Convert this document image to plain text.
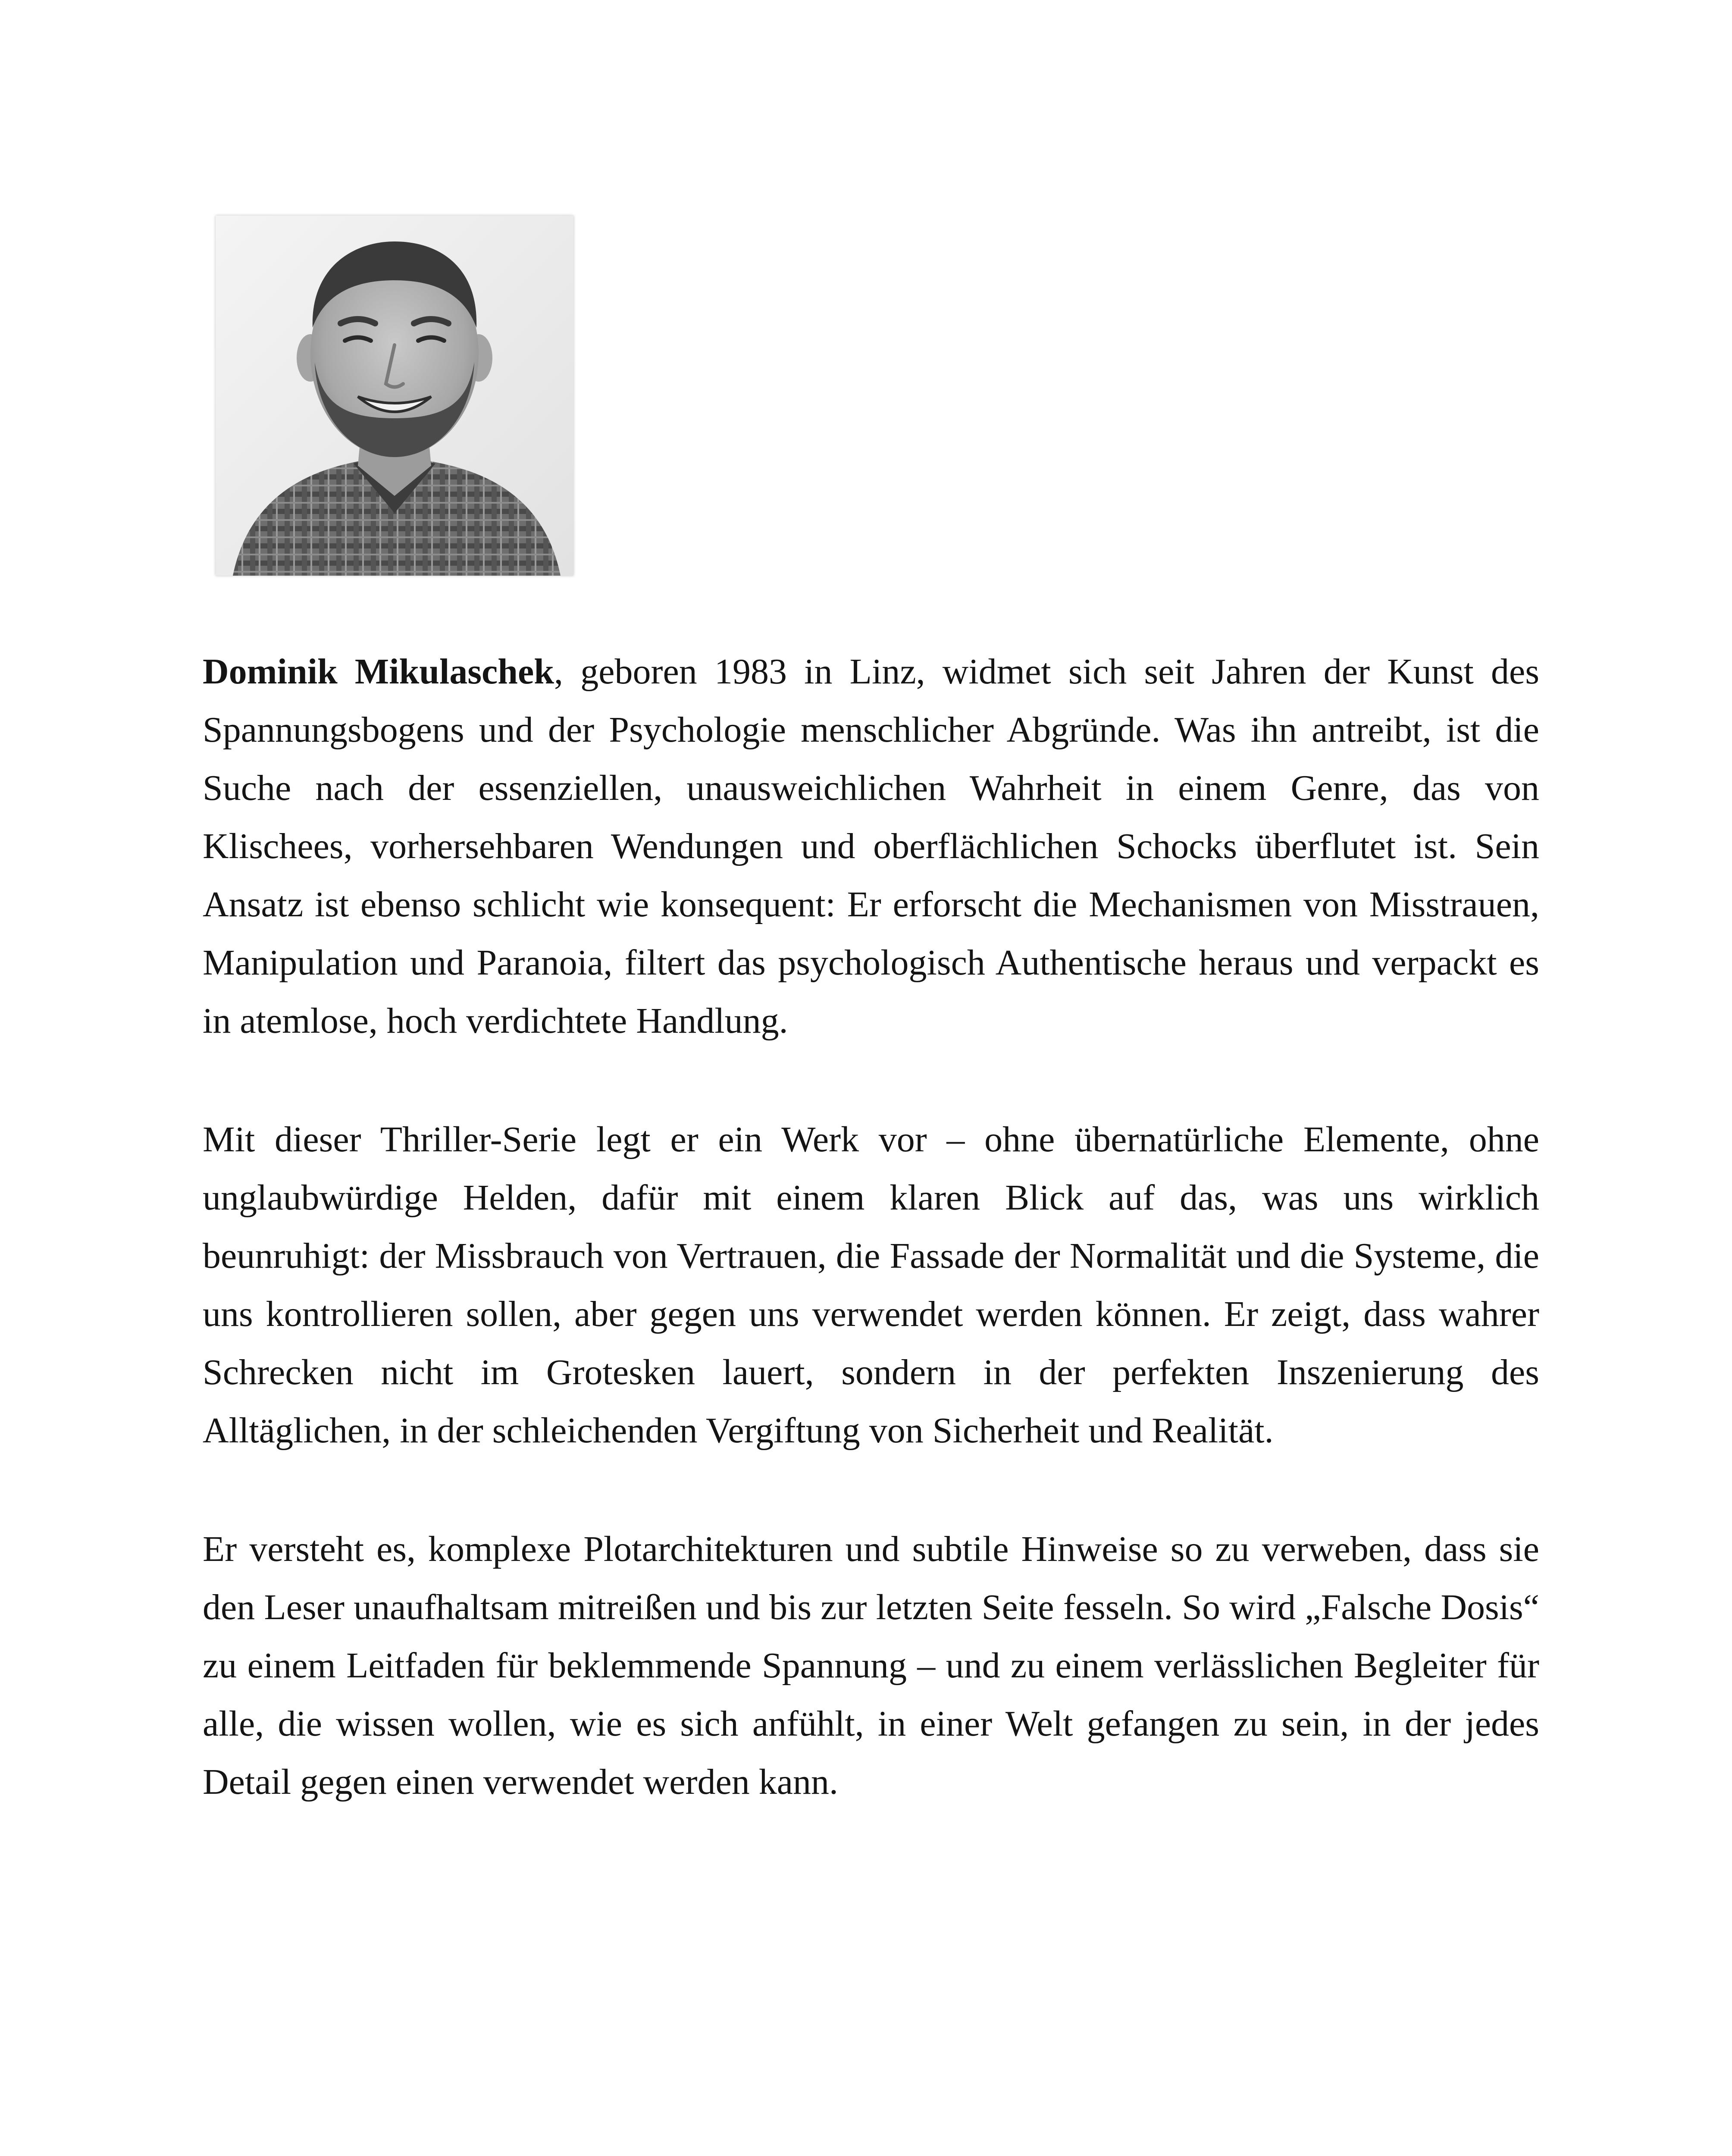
Dominik Mikulaschek, geboren 1983 in Linz, widmet sich seit Jahren der Kunst des Spannungsbogens und der Psychologie menschlicher Abgründe. Was ihn antreibt, ist die Suche nach der essenziellen, unausweichlichen Wahrheit in einem Genre, das von Klischees, vorhersehbaren Wendungen und oberflächlichen Schocks überflutet ist. Sein Ansatz ist ebenso schlicht wie konsequent: Er erforscht die Mechanismen von Misstrauen, Manipulation und Paranoia, filtert das psychologisch Authentische heraus und verpackt es in atemlose, hoch verdichtete Handlung.

Mit dieser Thriller-Serie legt er ein Werk vor – ohne übernatürliche Elemente, ohne unglaubwürdige Helden, dafür mit einem klaren Blick auf das, was uns wirklich beunruhigt: der Missbrauch von Vertrauen, die Fassade der Normalität und die Systeme, die uns kontrollieren sollen, aber gegen uns verwendet werden können. Er zeigt, dass wahrer Schrecken nicht im Grotesken lauert, sondern in der perfekten Inszenierung des Alltäglichen, in der schleichenden Vergiftung von Sicherheit und Realität.

Er versteht es, komplexe Plotarchitekturen und subtile Hinweise so zu verweben, dass sie den Leser unaufhaltsam mitreißen und bis zur letzten Seite fesseln. So wird „Falsche Dosis“ zu einem Leitfaden für beklemmende Spannung – und zu einem verlässlichen Begleiter für alle, die wissen wollen, wie es sich anfühlt, in einer Welt gefangen zu sein, in der jedes Detail gegen einen verwendet werden kann.
